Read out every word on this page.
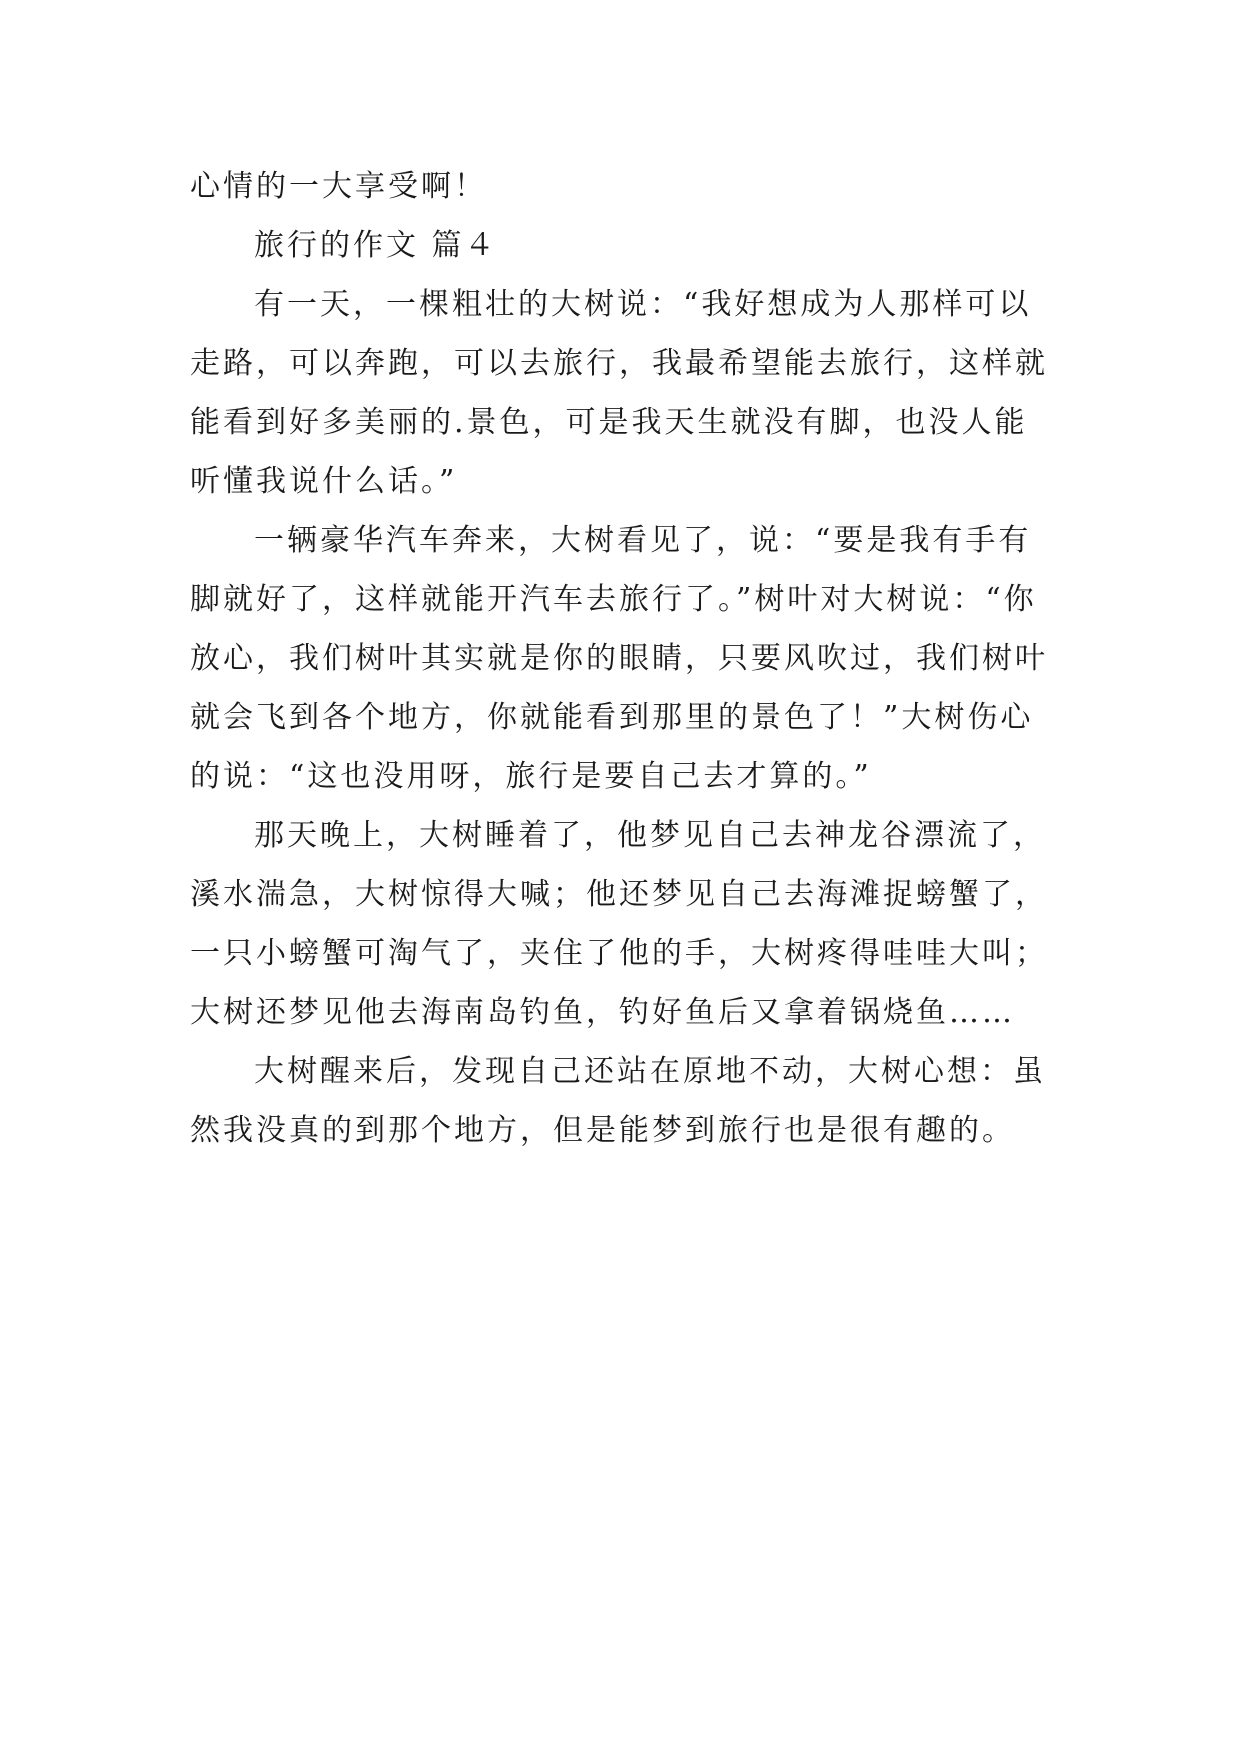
心情的一大享受啊！
旅行的作文 篇４
有一天，一棵粗壮的大树说：“我好想成为人那样可以
走路，可以奔跑，可以去旅行，我最希望能去旅行，这样就
能看到好多美丽的.景色，可是我天生就没有脚，也没人能
听懂我说什么话。”
一辆豪华汽车奔来，大树看见了，说：“要是我有手有
脚就好了，这样就能开汽车去旅行了。”树叶对大树说：“你
放心，我们树叶其实就是你的眼睛，只要风吹过，我们树叶
就会飞到各个地方，你就能看到那里的景色了！”大树伤心
的说：“这也没用呀，旅行是要自己去才算的。”
那天晚上，大树睡着了，他梦见自己去神龙谷漂流了，
溪水湍急，大树惊得大喊；他还梦见自己去海滩捉螃蟹了，
一只小螃蟹可淘气了，夹住了他的手，大树疼得哇哇大叫；
大树还梦见他去海南岛钓鱼，钓好鱼后又拿着锅烧鱼……
大树醒来后，发现自己还站在原地不动，大树心想：虽
然我没真的到那个地方，但是能梦到旅行也是很有趣的。
